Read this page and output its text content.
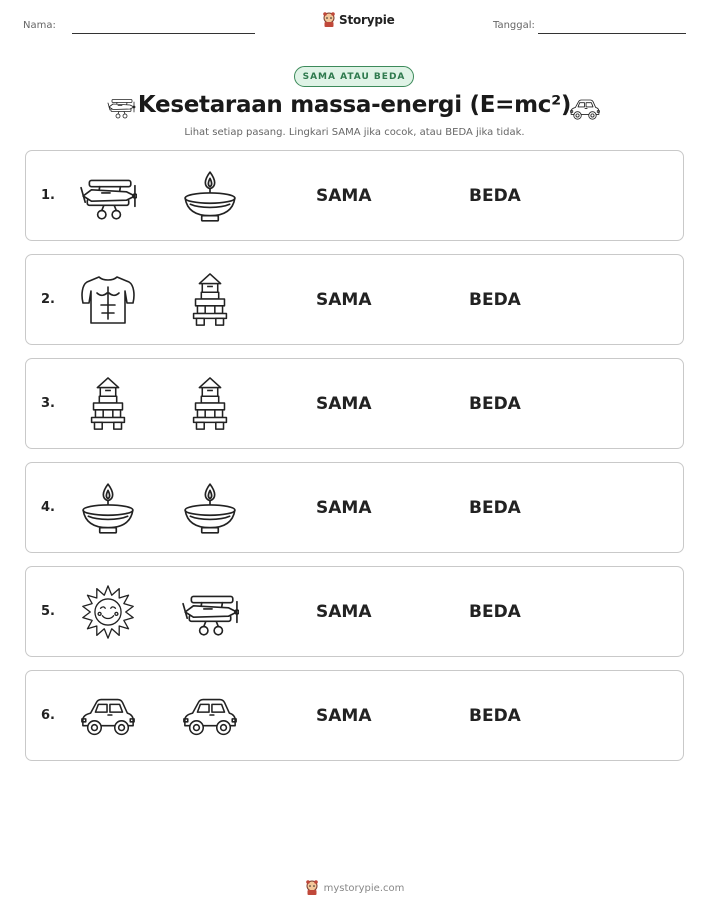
Nama:	Storypie	Tanggal:
SAMA ATAU BEDA
Kesetaraan massa-energi (E=mc²)
Lihat setiap pasang. Lingkari SAMA jika cocok, atau BEDA jika tidak.
1.	SAMA	BEDA
2.	SAMA	BEDA
3.	SAMA	BEDA
4.	SAMA	BEDA
5.	SAMA	BEDA
6.	SAMA	BEDA
mystorypie.com
